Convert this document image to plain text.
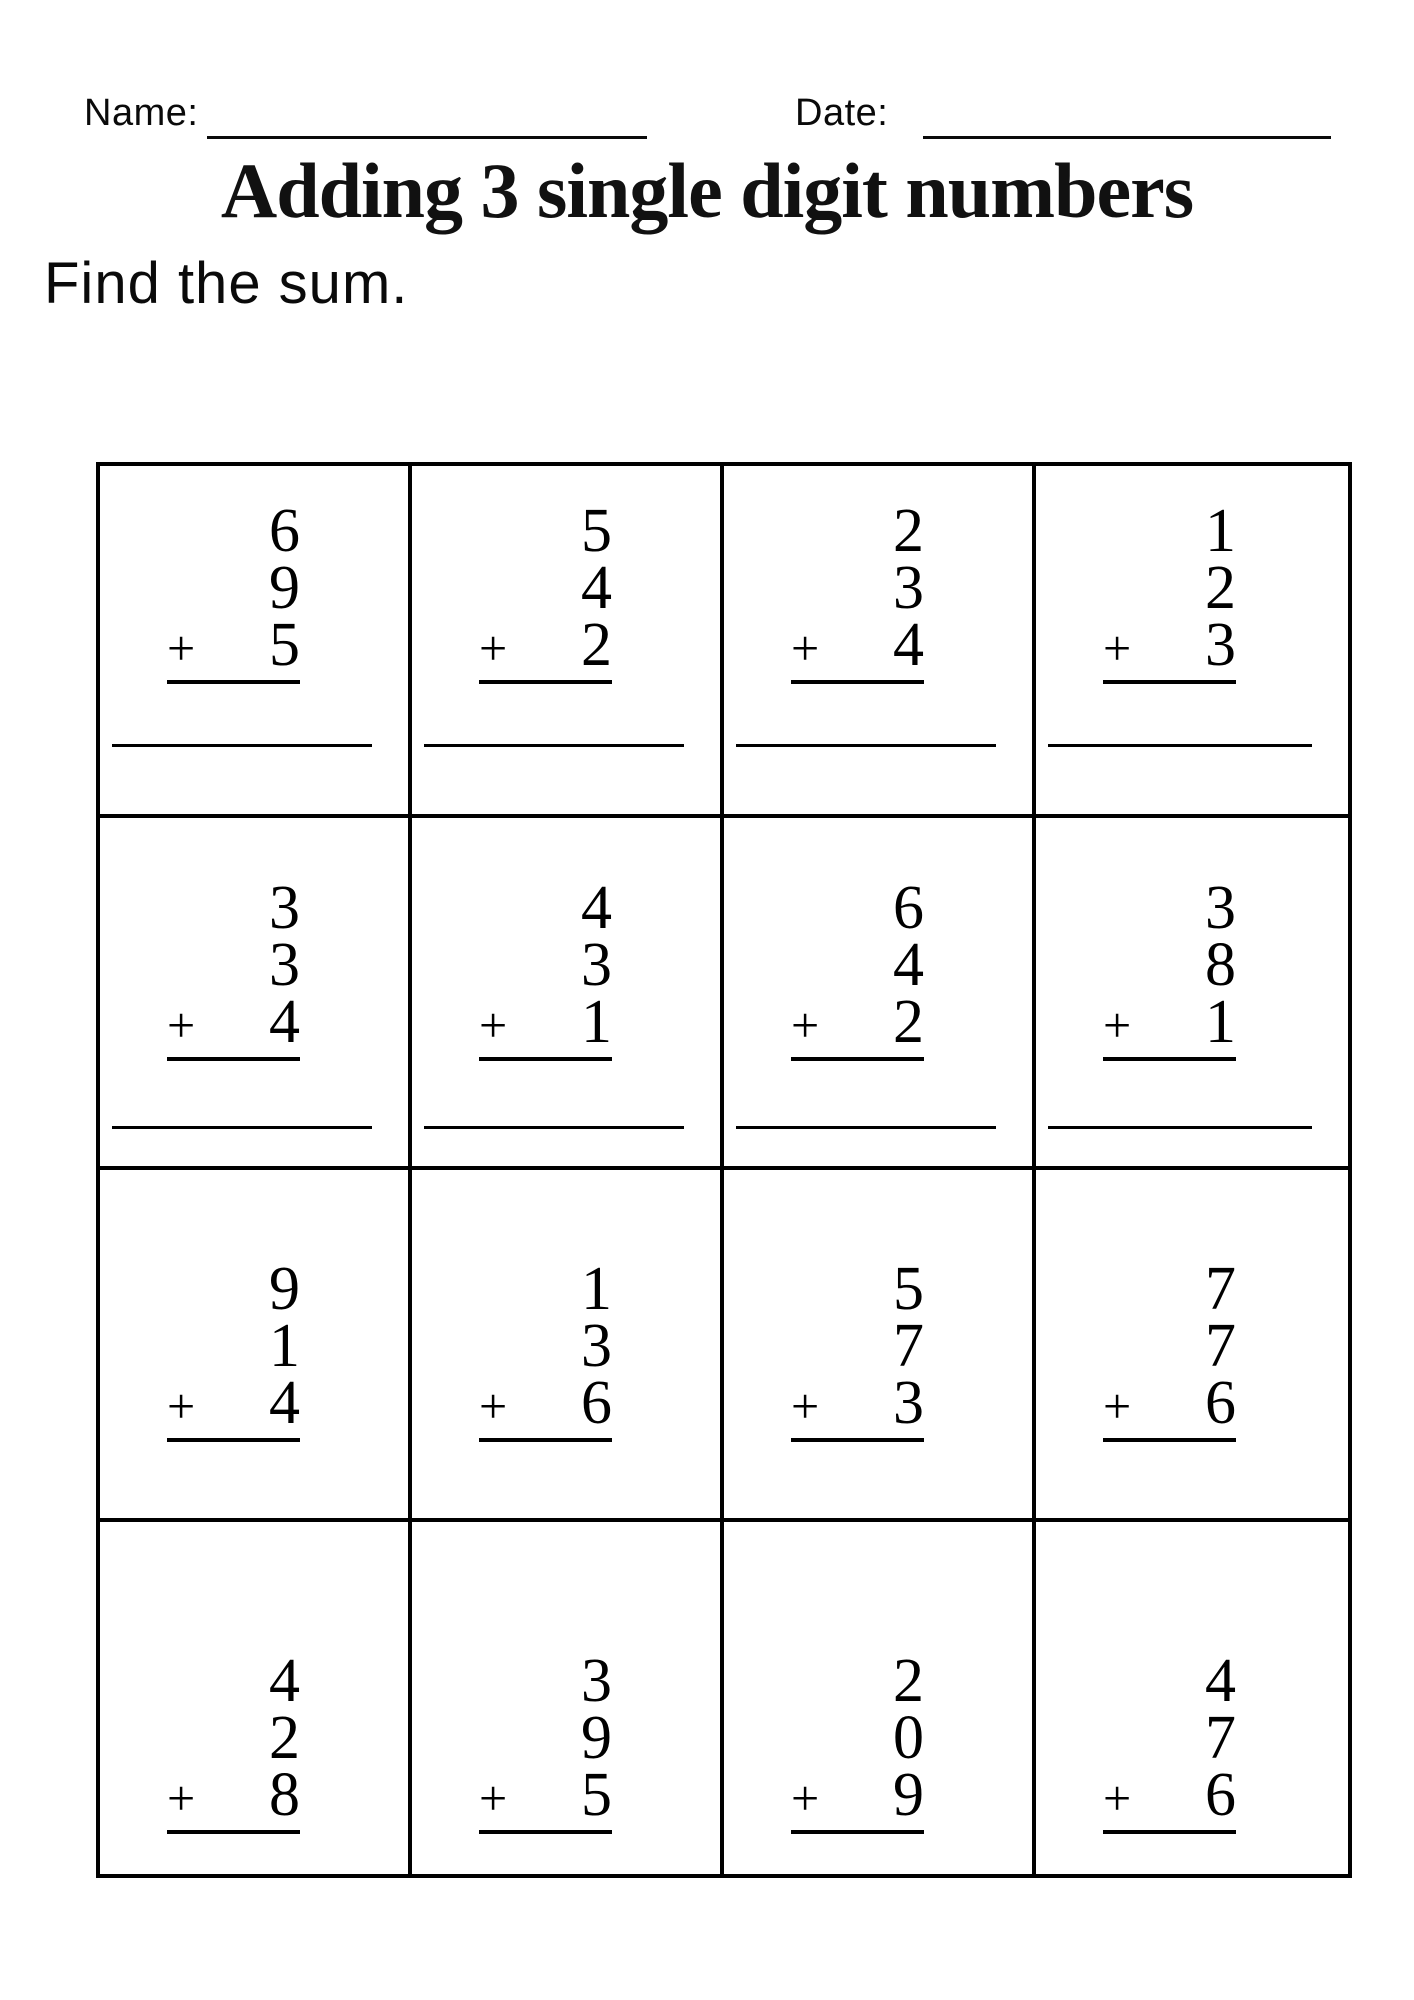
Name:	Date:
Adding 3 single digit numbers
Find the sum.
6
9
+ 5
5
4
+ 2
2
3
+ 4
1
2
+ 3
3
3
+ 4
4
3
+ 1
6
4
+ 2
3
8
+ 1
9
1
+ 4
1
3
+ 6
5
7
+ 3
7
7
+ 6
4
2
+ 8
3
9
+ 5
2
0
+ 9
4
7
+ 6
